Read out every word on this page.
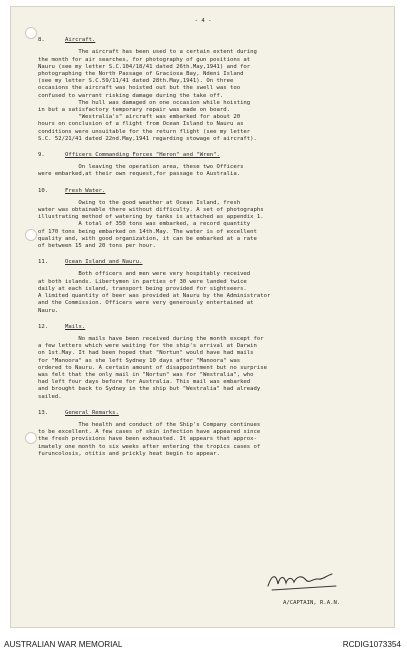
- 4 -
8.	Aircraft.
The aircraft has been used to a certain extent during
the month for air searches, for photography of gun positions at
Nauru (see my letter S.C.104/18/41 dated 26th.May,1941) and for
photographing the North Passage of Graciosa Bay, Ndeni Island
(see my letter S.C.59/11/41 dated 28th.May,1941). On three
occasions the aircraft was hoisted out but the swell was too
confused to warrant risking damage during the take off.
The hull was damaged on one occasion while hoisting
in but a satisfactory temporary repair was made on board.
"Westralia's" aircraft was embarked for about 20
hours on conclusion of a flight from Ocean Island to Nauru as
conditions were unsuitable for the return flight (see my letter
S.C. 52/21/41 dated 22nd.May,1941 regarding stowage of aircraft).
9.	Officers Commanding Forces "Heron" and "Wren".
On leaving the operation area, these two Officers
were embarked,at their own request,for passage to Australia.
10.	Fresh Water.
Owing to the good weather at Ocean Island, fresh
water was obtainable there without difficulty. A set of photographs
illustrating method of watering by tanks is attached as appendix 1.
A total of 350 tons was embarked, a record quantity
of 170 tons being embarked on 14th.May. The water is of excellent
quality and, with good organization, it can be embarked at a rate
of between 15 and 20 tons per hour.
11.	Ocean Island and Nauru.
Both officers and men were very hospitably received
at both islands. Libertymen in parties of 30 were landed twice
daily at each island, transport being provided for sightseers.
A limited quantity of beer was provided at Nauru by the Administrator
and the Commission. Officers were very generously entertained at
Nauru.
12.	Mails.
No mails have been received during the month except for
a few letters which were waiting for the ship's arrival at Darwin
on 1st.May. It had been hoped that "Nortun" would have had mails
for "Manoora" as she left Sydney 10 days after "Manoora" was
ordered to Nauru. A certain amount of disappointment but no surprise
was felt that the only mail in "Nortun" was for "Westralia", who
had left four days before for Australia. This mail was embarked
and brought back to Sydney in the ship but "Westralia" had already
sailed.
13.	General Remarks.
The health and conduct of the Ship's Company continues
to be excellent. A few cases of skin infection have appeared since
the fresh provisions have been exhausted. It appears that approx-
imately one month to six weeks after entering the tropics cases of
furuncolosis, otitis and prickly heat begin to appear.
A/CAPTAIN, R.A.N.
AUSTRALIAN WAR MEMORIAL	RCDIG1073354
